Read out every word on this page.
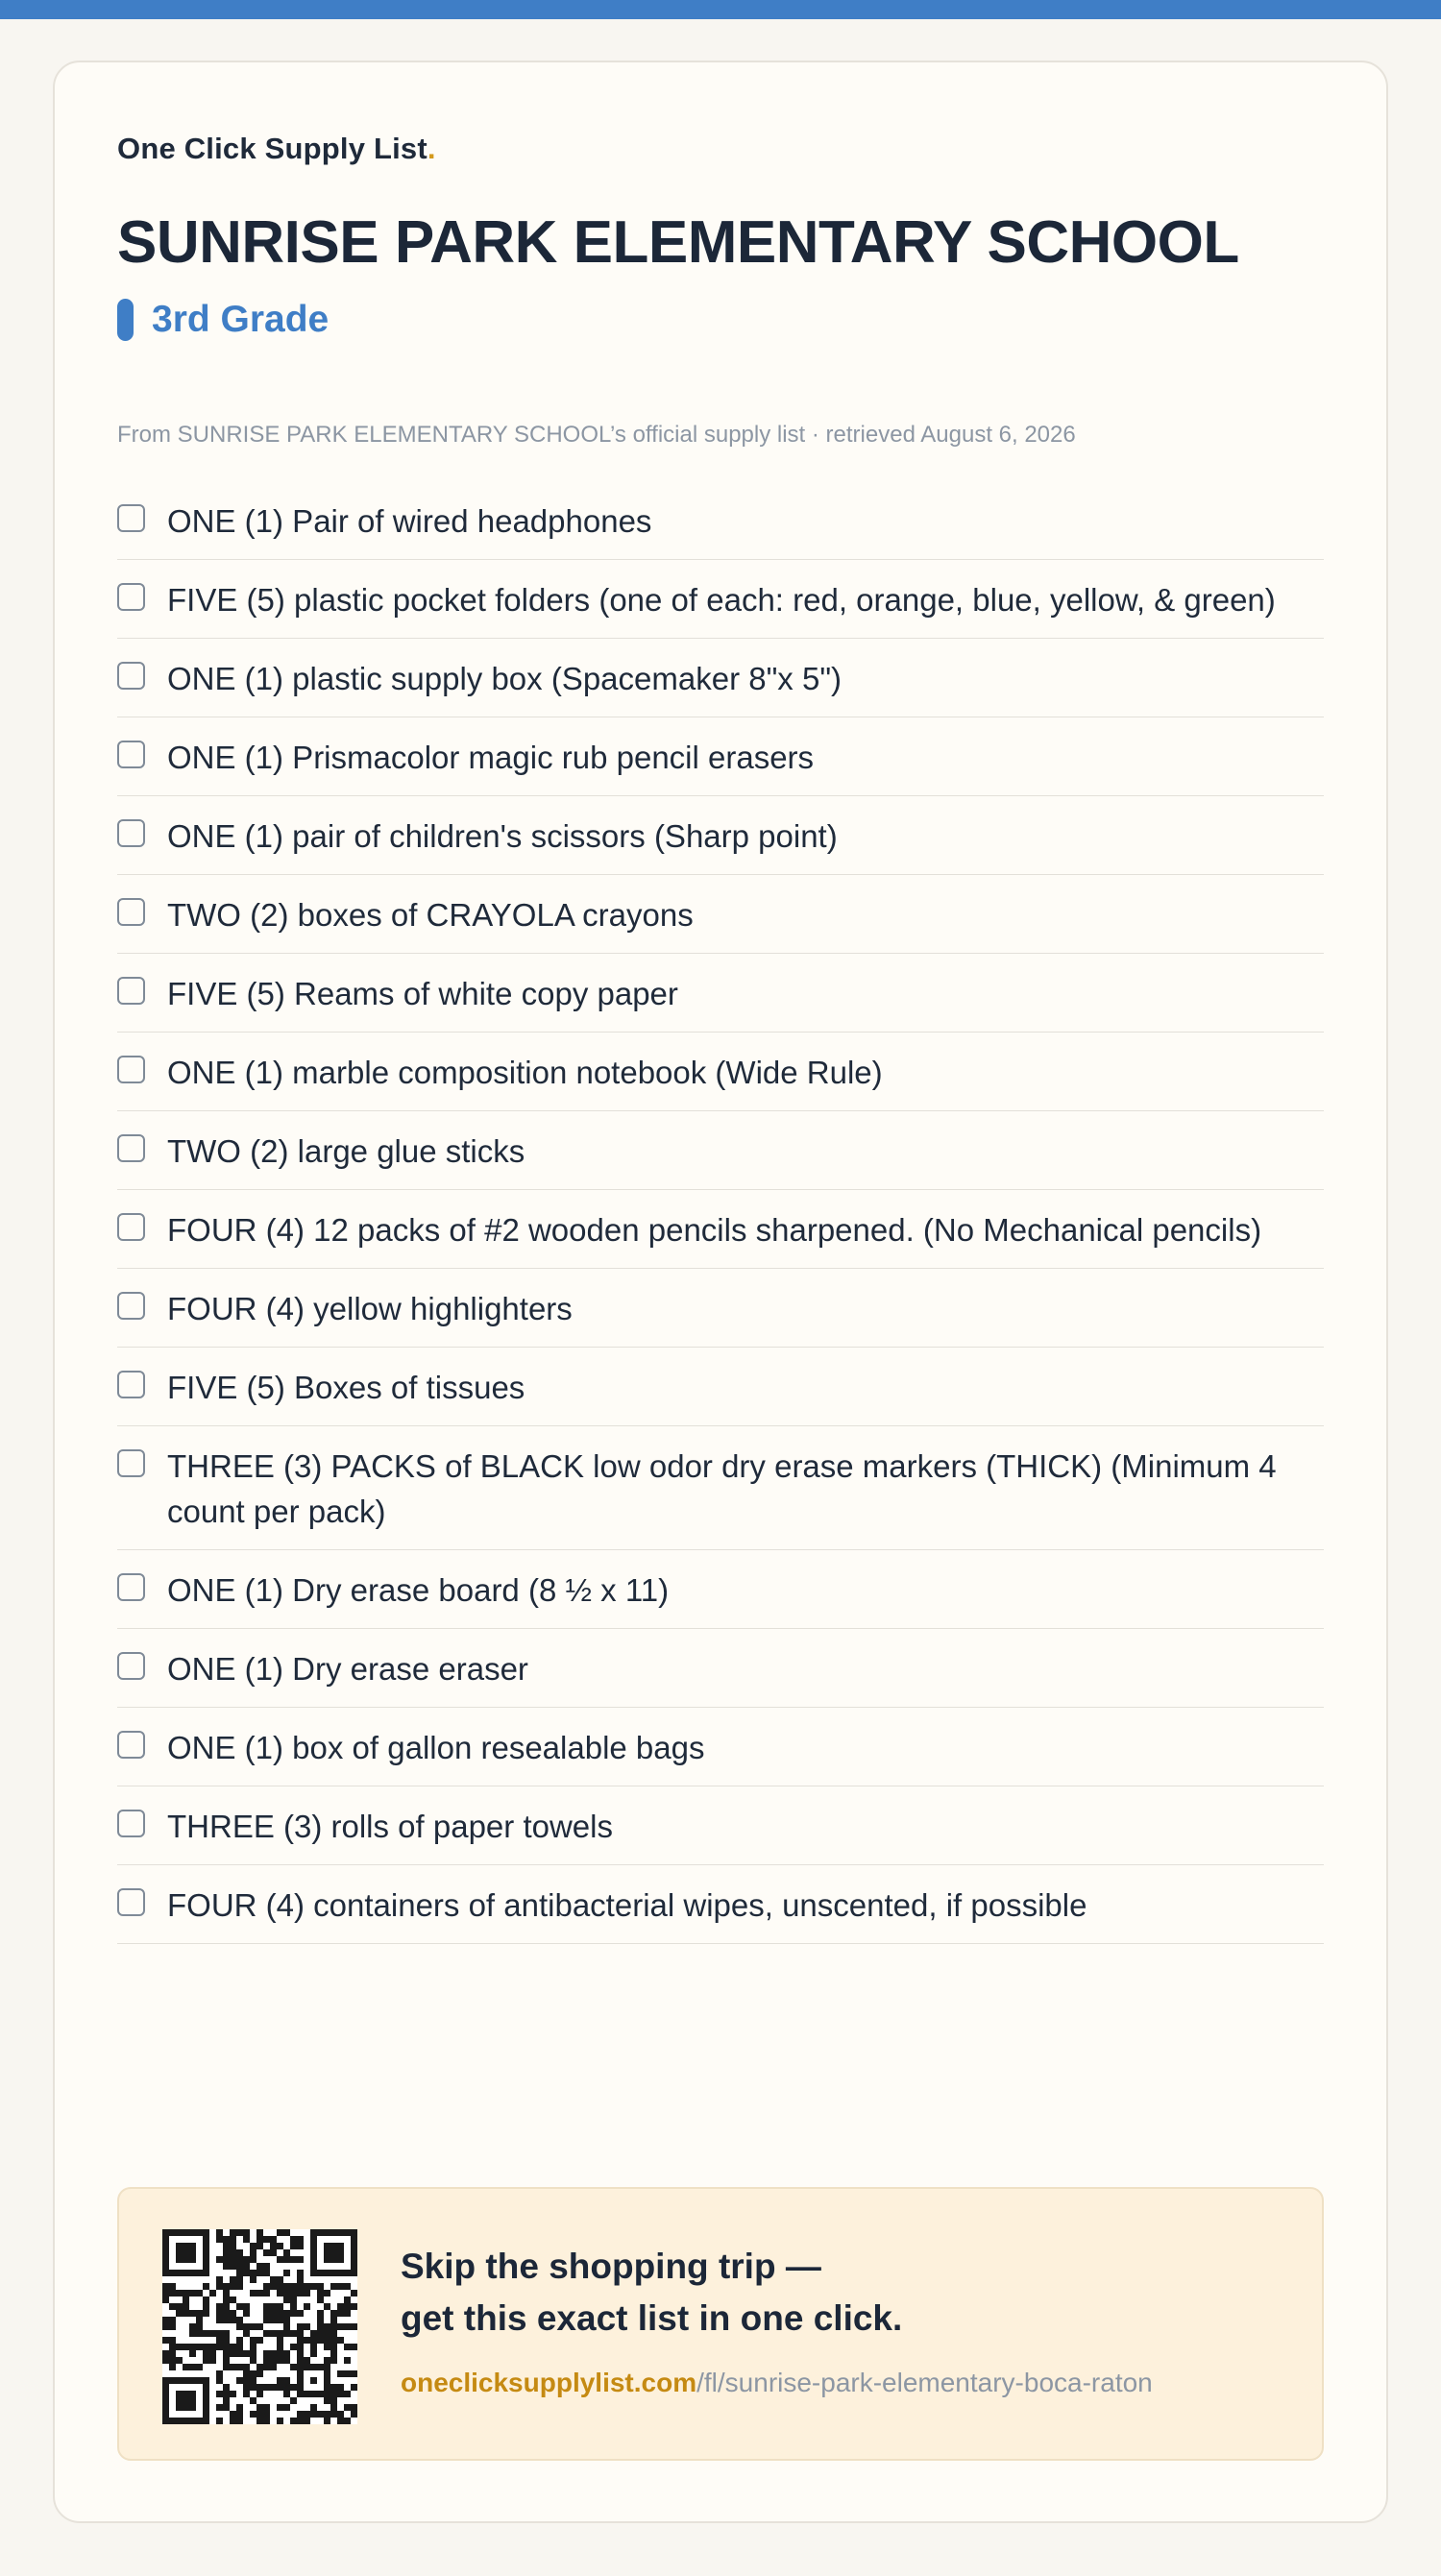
One Click Supply List.
SUNRISE PARK ELEMENTARY SCHOOL
3rd Grade
From SUNRISE PARK ELEMENTARY SCHOOL’s official supply list · retrieved August 6, 2026
ONE (1) Pair of wired headphones
FIVE (5) plastic pocket folders (one of each: red, orange, blue, yellow, & green)
ONE (1) plastic supply box (Spacemaker 8"x 5")
ONE (1) Prismacolor magic rub pencil erasers
ONE (1) pair of children's scissors (Sharp point)
TWO (2) boxes of CRAYOLA crayons
FIVE (5) Reams of white copy paper
ONE (1) marble composition notebook (Wide Rule)
TWO (2) large glue sticks
FOUR (4) 12 packs of #2 wooden pencils sharpened. (No Mechanical pencils)
FOUR (4) yellow highlighters
FIVE (5) Boxes of tissues
THREE (3) PACKS of BLACK low odor dry erase markers (THICK) (Minimum 4 count per pack)
ONE (1) Dry erase board (8 ½ x 11)
ONE (1) Dry erase eraser
ONE (1) box of gallon resealable bags
THREE (3) rolls of paper towels
FOUR (4) containers of antibacterial wipes, unscented, if possible
Skip the shopping trip —
get this exact list in one click.
oneclicksupplylist.com/fl/sunrise-park-elementary-boca-raton
